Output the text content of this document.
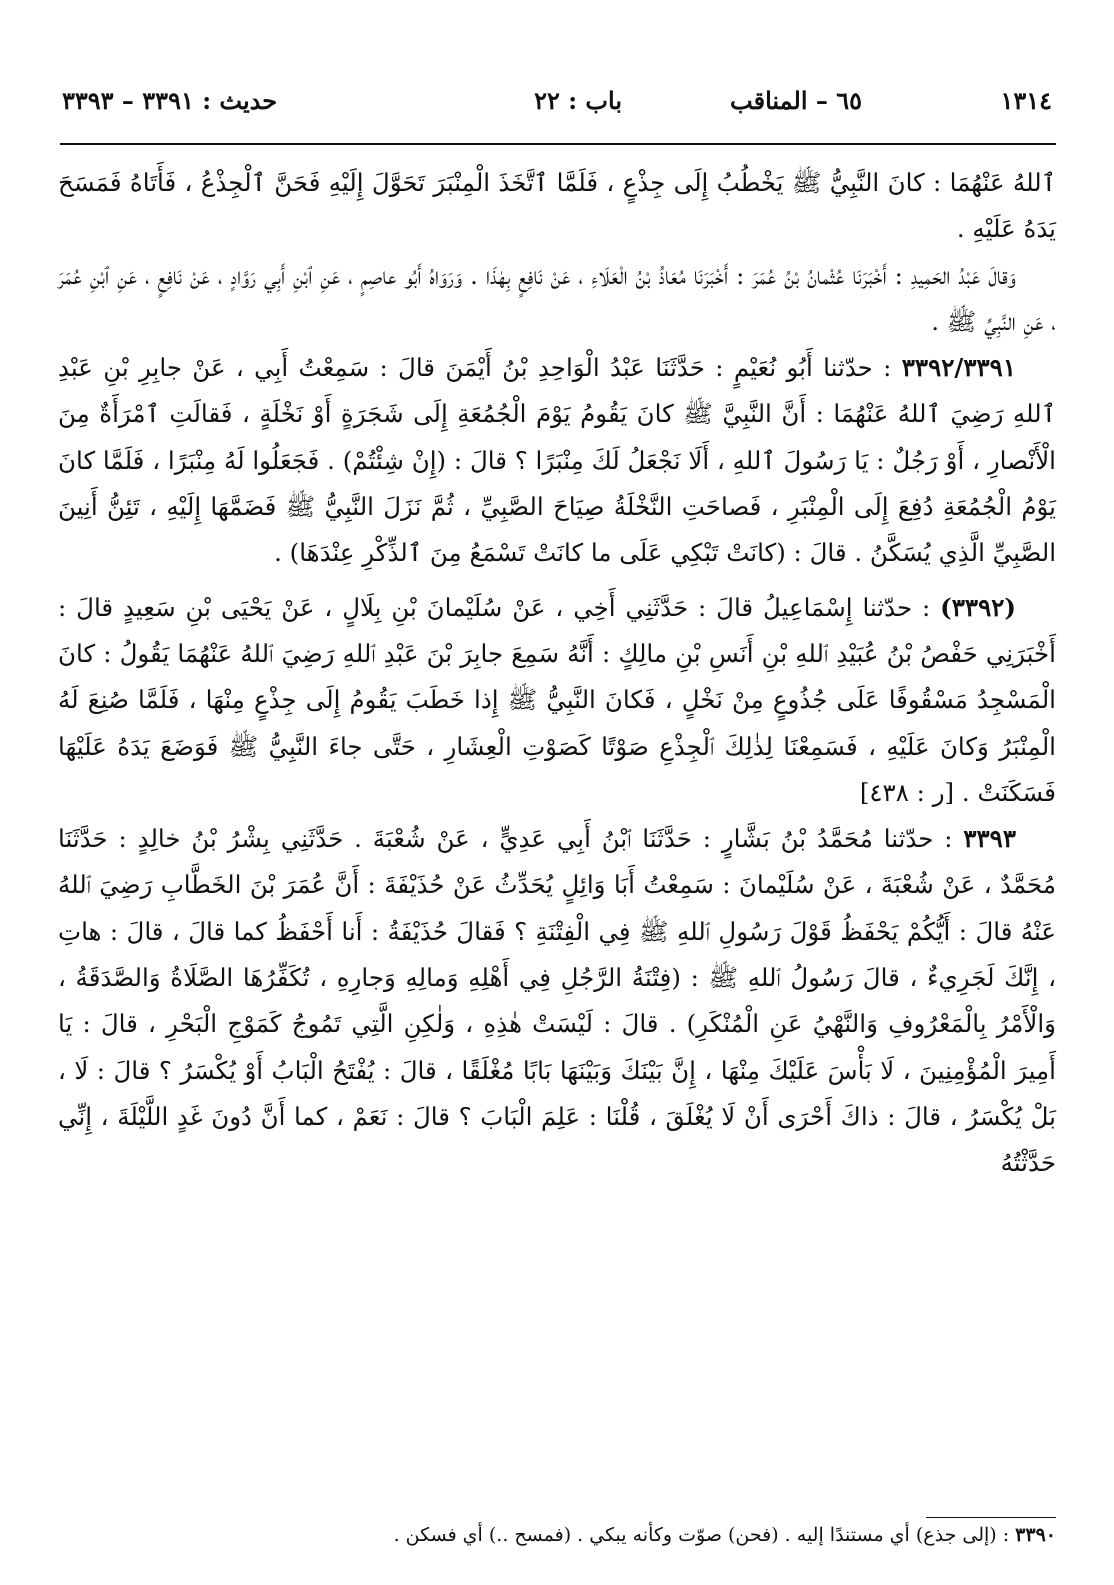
١٣١٤
٦٥ – المناقب
باب : ٢٢
حديث : ٣٣٩١ – ٣٣٩٣

ٱللهُ عَنْهُمَا : كانَ النَّبِيُّ ﷺ يَخْطُبُ إِلَى جِذْعٍ ، فَلَمَّا ٱتَّخَذَ الْمِنْبَرَ تَحَوَّلَ إِلَيْهِ فَحَنَّ ٱلْجِذْعُ ، فَأَتَاهُ فَمَسَحَ يَدَهُ عَلَيْهِ .

وَقالَ عَبْدُ الحَمِيدِ : أَخْبَرَنَا عُثْمانُ بْنُ عُمَرَ : أَخْبَرَنَا مُعَاذُ بْنُ الْعَلَاءِ ، عَنْ نَافِعٍ بِهٰذَا . وَرَوَاهُ أَبُو عاصِمٍ ، عَنِ ٱبْنِ أَبِي رَوَّادٍ ، عَنْ نَافِعٍ ، عَنِ ٱبْنِ عُمَرَ ، عَنِ النَّبِيِّ ﷺ .

٣٣٩٢/٣٣٩١ : حدّثنا أَبُو نُعَيْمٍ : حَدَّثَنَا عَبْدُ الْوَاحِدِ بْنُ أَيْمَنَ قالَ : سَمِعْتُ أَبِي ، عَنْ جابِرِ بْنِ عَبْدِ ٱللهِ رَضِيَ ٱللهُ عَنْهُمَا : أَنَّ النَّبِيَّ ﷺ كانَ يَقُومُ يَوْمَ الْجُمُعَةِ إِلَى شَجَرَةٍ أَوْ نَخْلَةٍ ، فَقالَتِ ٱمْرَأَةٌ مِنَ الْأَنْصارِ ، أَوْ رَجُلٌ : يَا رَسُولَ ٱللهِ ، أَلَا نَجْعَلُ لَكَ مِنْبَرًا ؟ قالَ : (إِنْ شِئْتُمْ) . فَجَعَلُوا لَهُ مِنْبَرًا ، فَلَمَّا كانَ يَوْمُ الْجُمُعَةِ دُفِعَ إِلَى الْمِنْبَرِ ، فَصاحَتِ النَّخْلَةُ صِيَاحَ الصَّبِيِّ ، ثُمَّ نَزَلَ النَّبِيُّ ﷺ فَضَمَّهَا إِلَيْهِ ، تَئِنُّ أَنِينَ الصَّبِيِّ الَّذِي يُسَكَّنُ . قالَ : (كانَتْ تَبْكِي عَلَى ما كانَتْ تَسْمَعُ مِنَ ٱلذِّكْرِ عِنْدَهَا) .

(٣٣٩٢) : حدّثنا إِسْمَاعِيلُ قالَ : حَدَّثَنِي أَخِي ، عَنْ سُلَيْمانَ بْنِ بِلَالٍ ، عَنْ يَحْيَى بْنِ سَعِيدٍ قالَ : أَخْبَرَنِي حَفْصُ بْنُ عُبَيْدِ ٱللهِ بْنِ أَنَسِ بْنِ مالِكٍ : أَنَّهُ سَمِعَ جابِرَ بْنَ عَبْدِ ٱللهِ رَضِيَ ٱللهُ عَنْهُمَا يَقُولُ : كانَ الْمَسْجِدُ مَسْقُوفًا عَلَى جُذُوعٍ مِنْ نَخْلٍ ، فَكانَ النَّبِيُّ ﷺ إِذا خَطَبَ يَقُومُ إِلَى جِذْعٍ مِنْهَا ، فَلَمَّا صُنِعَ لَهُ الْمِنْبَرُ وَكانَ عَلَيْهِ ، فَسَمِعْنَا لِذٰلِكَ ٱلْجِذْعِ صَوْتًا كَصَوْتِ الْعِشَارِ ، حَتَّى جاءَ النَّبِيُّ ﷺ فَوَضَعَ يَدَهُ عَلَيْهَا فَسَكَنَتْ . [ر : ٤٣٨]

٣٣٩٣ : حدّثنا مُحَمَّدُ بْنُ بَشَّارٍ : حَدَّثَنَا ٱبْنُ أَبِي عَدِيٍّ ، عَنْ شُعْبَةَ . حَدَّثَنِي بِشْرُ بْنُ خالِدٍ : حَدَّثَنَا مُحَمَّدٌ ، عَنْ شُعْبَةَ ، عَنْ سُلَيْمانَ : سَمِعْتُ أَبَا وَائِلٍ يُحَدِّثُ عَنْ حُذَيْفَةَ : أَنَّ عُمَرَ بْنَ الخَطَّابِ رَضِيَ ٱللهُ عَنْهُ قالَ : أَيُّكُمْ يَحْفَظُ قَوْلَ رَسُولِ ٱللهِ ﷺ فِي الْفِتْنَةِ ؟ فَقالَ حُذَيْفَةُ : أَنا أَحْفَظُ كما قالَ ، قالَ : هاتِ ، إِنَّكَ لَجَرِيءٌ ، قالَ رَسُولُ ٱللهِ ﷺ : (فِتْنَةُ الرَّجُلِ فِي أَهْلِهِ وَمالِهِ وَجارِهِ ، تُكَفِّرُهَا الصَّلَاةُ وَالصَّدَقَةُ ، وَالْأَمْرُ بِالْمَعْرُوفِ وَالنَّهْيُ عَنِ الْمُنْكَرِ) . قالَ : لَيْسَتْ هٰذِهِ ، وَلٰكِنِ الَّتِي تَمُوجُ كَمَوْجِ الْبَحْرِ ، قالَ : يَا أَمِيرَ الْمُؤْمِنِينَ ، لَا بَأْسَ عَلَيْكَ مِنْهَا ، إِنَّ بَيْنَكَ وَبَيْنَهَا بَابًا مُغْلَقًا ، قالَ : يُفْتَحُ الْبَابُ أَوْ يُكْسَرُ ؟ قالَ : لَا ، بَلْ يُكْسَرُ ، قالَ : ذاكَ أَحْرَى أَنْ لَا يُغْلَقَ ، قُلْنَا : عَلِمَ الْبَابَ ؟ قالَ : نَعَمْ ، كما أَنَّ دُونَ غَدٍ اللَّيْلَةَ ، إِنِّي حَدَّثْتُهُ

٣٣٩٠ : (إلى جذع) أي مستندًا إليه . (فحن) صوّت وكأنه يبكي . (فمسح ..) أي فسكن .
